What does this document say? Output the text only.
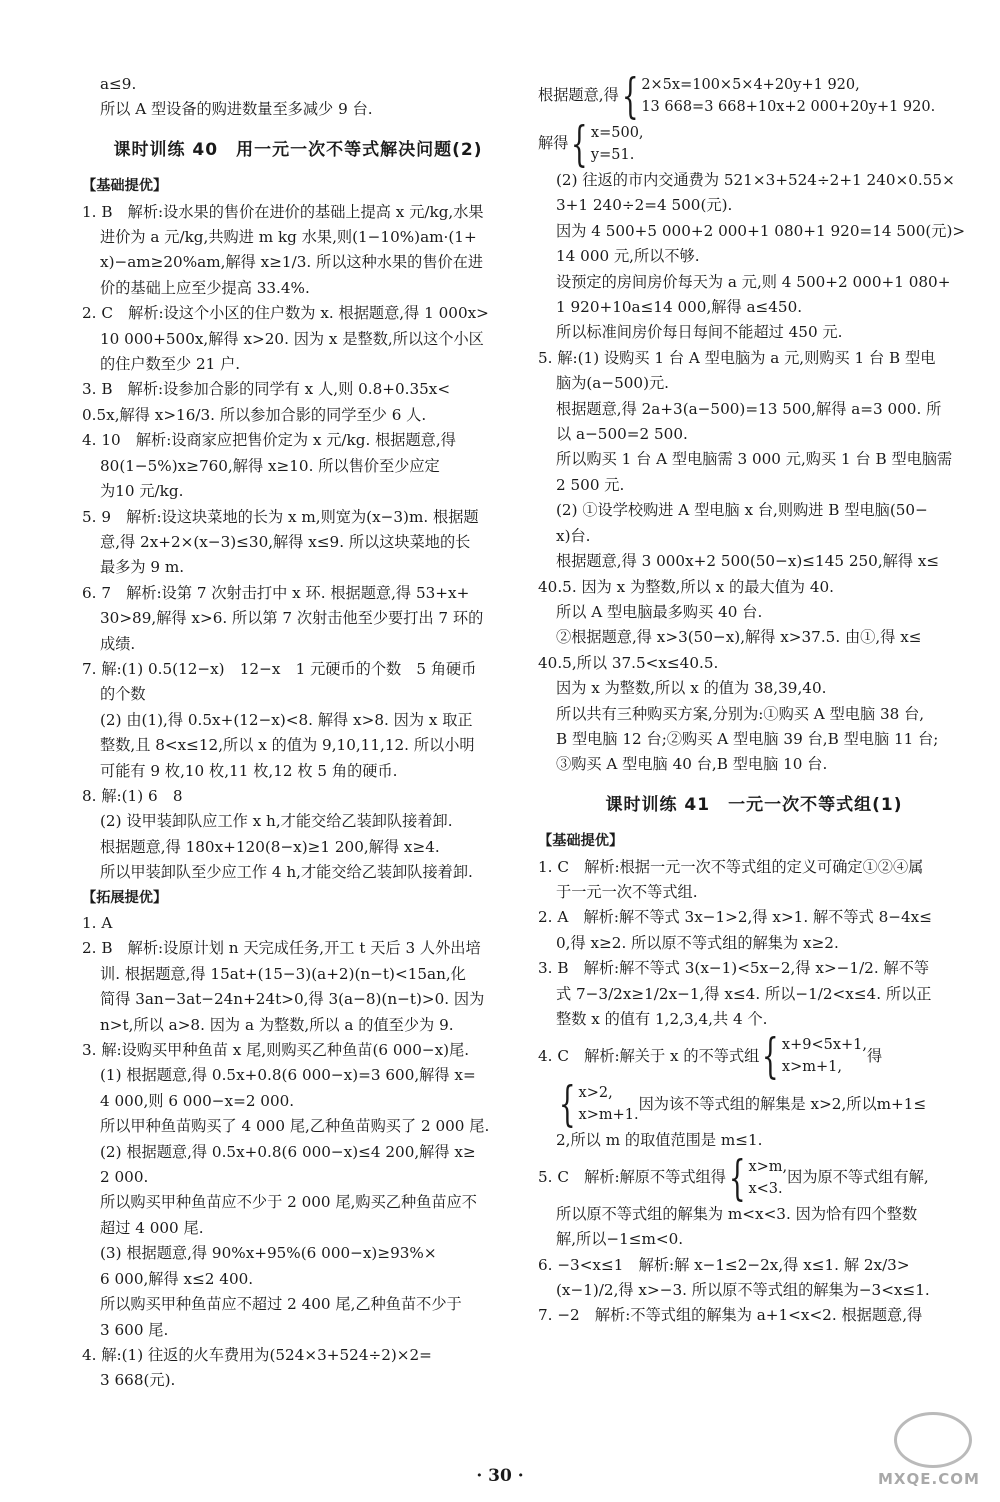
a≤9.
所以 A 型设备的购进数量至多减少 9 台.
课时训练 40　用一元一次不等式解决问题(2)
【基础提优】
1. B　解析:设水果的售价在进价的基础上提高 x 元/kg,水果
进价为 a 元/kg,共购进 m kg 水果,则(1−10%)am·(1+
x)−am≥20%am,解得 x≥1/3. 所以这种水果的售价在进
价的基础上应至少提高 33.4%.
2. C　解析:设这个小区的住户数为 x. 根据题意,得 1 000x>
10 000+500x,解得 x>20. 因为 x 是整数,所以这个小区
的住户数至少 21 户.
3. B　解析:设参加合影的同学有 x 人,则 0.8+0.35x<
0.5x,解得 x>16/3. 所以参加合影的同学至少 6 人.
4. 10　解析:设商家应把售价定为 x 元/kg. 根据题意,得
80(1−5%)x≥760,解得 x≥10. 所以售价至少应定
为10 元/kg.
5. 9　解析:设这块菜地的长为 x m,则宽为(x−3)m. 根据题
意,得 2x+2×(x−3)≤30,解得 x≤9. 所以这块菜地的长
最多为 9 m.
6. 7　解析:设第 7 次射击打中 x 环. 根据题意,得 53+x+
30>89,解得 x>6. 所以第 7 次射击他至少要打出 7 环的
成绩.
7. 解:(1) 0.5(12−x)　12−x　1 元硬币的个数　5 角硬币
的个数
(2) 由(1),得 0.5x+(12−x)<8. 解得 x>8. 因为 x 取正
整数,且 8<x≤12,所以 x 的值为 9,10,11,12. 所以小明
可能有 9 枚,10 枚,11 枚,12 枚 5 角的硬币.
8. 解:(1) 6　8
(2) 设甲装卸队应工作 x h,才能交给乙装卸队接着卸.
根据题意,得 180x+120(8−x)≥1 200,解得 x≥4.
所以甲装卸队至少应工作 4 h,才能交给乙装卸队接着卸.
【拓展提优】
1. A
2. B　解析:设原计划 n 天完成任务,开工 t 天后 3 人外出培
训. 根据题意,得 15at+(15−3)(a+2)(n−t)<15an,化
简得 3an−3at−24n+24t>0,得 3(a−8)(n−t)>0. 因为
n>t,所以 a>8. 因为 a 为整数,所以 a 的值至少为 9.
3. 解:设购买甲种鱼苗 x 尾,则购买乙种鱼苗(6 000−x)尾.
(1) 根据题意,得 0.5x+0.8(6 000−x)=3 600,解得 x=
4 000,则 6 000−x=2 000.
所以甲种鱼苗购买了 4 000 尾,乙种鱼苗购买了 2 000 尾.
(2) 根据题意,得 0.5x+0.8(6 000−x)≤4 200,解得 x≥
2 000.
所以购买甲种鱼苗应不少于 2 000 尾,购买乙种鱼苗应不
超过 4 000 尾.
(3) 根据题意,得 90%x+95%(6 000−x)≥93%×
6 000,解得 x≤2 400.
所以购买甲种鱼苗应不超过 2 400 尾,乙种鱼苗不少于
3 600 尾.
4. 解:(1) 往返的火车费用为(524×3+524÷2)×2=
3 668(元).
根据题意,得 { 2×5x=100×5×4+20y+1 920,
13 668=3 668+10x+2 000+20y+1 920.
解得 { x=500,
y=51.
(2) 往返的市内交通费为 521×3+524÷2+1 240×0.55×
3+1 240÷2=4 500(元).
因为 4 500+5 000+2 000+1 080+1 920=14 500(元)>
14 000 元,所以不够.
设预定的房间房价每天为 a 元,则 4 500+2 000+1 080+
1 920+10a≤14 000,解得 a≤450.
所以标准间房价每日每间不能超过 450 元.
5. 解:(1) 设购买 1 台 A 型电脑为 a 元,则购买 1 台 B 型电
脑为(a−500)元.
根据题意,得 2a+3(a−500)=13 500,解得 a=3 000. 所
以 a−500=2 500.
所以购买 1 台 A 型电脑需 3 000 元,购买 1 台 B 型电脑需
2 500 元.
(2) ①设学校购进 A 型电脑 x 台,则购进 B 型电脑(50−
x)台.
根据题意,得 3 000x+2 500(50−x)≤145 250,解得 x≤
40.5. 因为 x 为整数,所以 x 的最大值为 40.
所以 A 型电脑最多购买 40 台.
②根据题意,得 x>3(50−x),解得 x>37.5. 由①,得 x≤
40.5,所以 37.5<x≤40.5.
因为 x 为整数,所以 x 的值为 38,39,40.
所以共有三种购买方案,分别为:①购买 A 型电脑 38 台,
B 型电脑 12 台;②购买 A 型电脑 39 台,B 型电脑 11 台;
③购买 A 型电脑 40 台,B 型电脑 10 台.
课时训练 41　一元一次不等式组(1)
【基础提优】
1. C　解析:根据一元一次不等式组的定义可确定①②④属
于一元一次不等式组.
2. A　解析:解不等式 3x−1>2,得 x>1. 解不等式 8−4x≤
0,得 x≥2. 所以原不等式组的解集为 x≥2.
3. B　解析:解不等式 3(x−1)<5x−2,得 x>−1/2. 解不等
式 7−3/2x≥1/2x−1,得 x≤4. 所以−1/2<x≤4. 所以正
整数 x 的值有 1,2,3,4,共 4 个.
4. C　解析:解关于 x 的不等式组 { x+9<5x+1,
x>m+1,
得
{ x>2,
x>m+1.
因为该不等式组的解集是 x>2,所以m+1≤
2,所以 m 的取值范围是 m≤1.
5. C　解析:解原不等式组得 { x>m,
x<3.
因为原不等式组有解,
所以原不等式组的解集为 m<x<3. 因为恰有四个整数
解,所以−1≤m<0.
6. −3<x≤1　解析:解 x−1≤2−2x,得 x≤1. 解 2x/3>
(x−1)/2,得 x>−3. 所以原不等式组的解集为−3<x≤1.
7. −2　解析:不等式组的解集为 a+1<x<2. 根据题意,得
· 30 ·	MXQE.COM
